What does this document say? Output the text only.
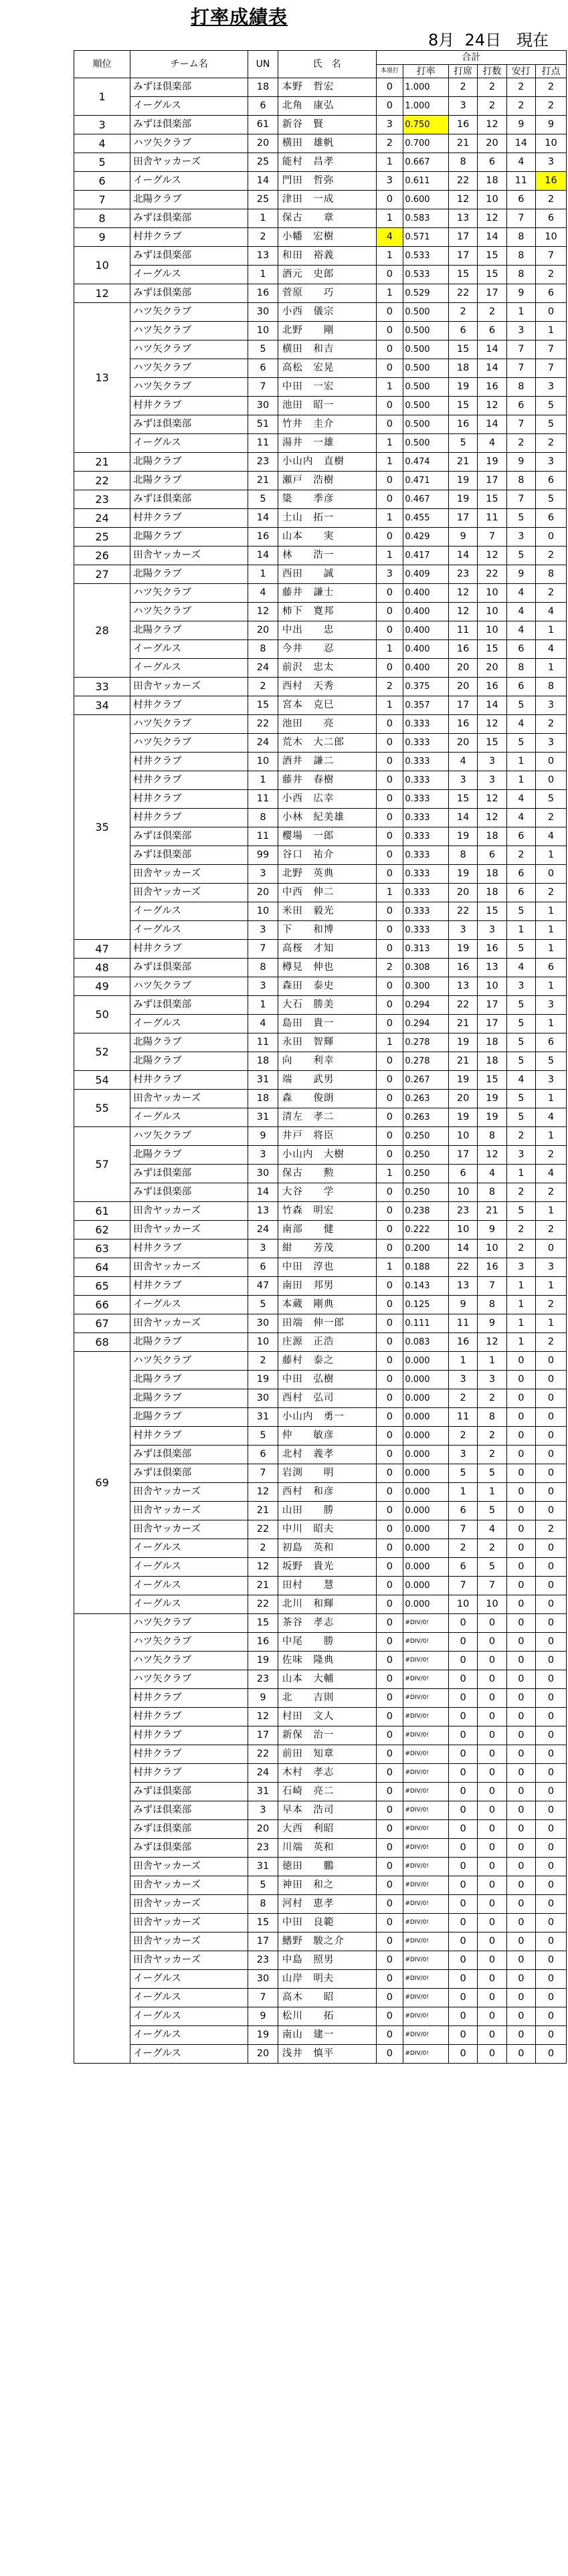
打率成績表
8月 24日 現在
順位	チーム名	UN	氏　名	合計					
				本塁打	打率	打席	打数	安打	打点
1	みずほ倶楽部	18	本野　哲宏	0	1.000	2	2	2	2
	イーグルス	6	北角　康弘	0	1.000	3	2	2	2
3	みずほ倶楽部	61	新谷　賢	3	0.750	16	12	9	9
4	ハツ矢クラブ	20	横田　雄帆	2	0.700	21	20	14	10
5	田舎ヤッカーズ	25	能村　昌孝	1	0.667	8	6	4	3
6	イーグルス	14	門田　哲弥	3	0.611	22	18	11	16
7	北陽クラブ	25	津田　一成	0	0.600	12	10	6	2
8	みずほ倶楽部	1	保古　　章	1	0.583	13	12	7	6
9	村井クラブ	2	小幡　宏樹	4	0.571	17	14	8	10
10	みずほ倶楽部	13	和田　裕義	1	0.533	17	15	8	7
	イーグルス	1	酒元　史郎	0	0.533	15	15	8	2
12	みずほ倶楽部	16	菅原　　巧	1	0.529	22	17	9	6
13	ハツ矢クラブ	30	小西　儀宗	0	0.500	2	2	1	0
	ハツ矢クラブ	10	北野　　剛	0	0.500	6	6	3	1
	ハツ矢クラブ	5	横田　和吉	0	0.500	15	14	7	7
	ハツ矢クラブ	6	高松　宏晃	0	0.500	18	14	7	7
	ハツ矢クラブ	7	中田　一宏	1	0.500	19	16	8	3
	村井クラブ	30	池田　昭一	0	0.500	15	12	6	5
	みずほ倶楽部	51	竹井　圭介	0	0.500	16	14	7	5
	イーグルス	11	湯井　一雄	1	0.500	5	4	2	2
21	北陽クラブ	23	小山内　直樹	1	0.474	21	19	9	3
22	北陽クラブ	21	瀬戸　浩樹	0	0.471	19	17	8	6
23	みずほ倶楽部	5	簗　　季彦	0	0.467	19	15	7	5
24	村井クラブ	14	土山　拓一	1	0.455	17	11	5	6
25	北陽クラブ	16	山本　　実	0	0.429	9	7	3	0
26	田舎ヤッカーズ	14	林　　浩一	1	0.417	14	12	5	2
27	北陽クラブ	1	西田　　誠	3	0.409	23	22	9	8
28	ハツ矢クラブ	4	藤井　謙士	0	0.400	12	10	4	2
	ハツ矢クラブ	12	柿下　寛邦	0	0.400	12	10	4	4
	北陽クラブ	20	中出　　忠	0	0.400	11	10	4	1
	イーグルス	8	今井　　忍	1	0.400	16	15	6	4
	イーグルス	24	前沢　忠太	0	0.400	20	20	8	1
33	田舎ヤッカーズ	2	西村　天秀	2	0.375	20	16	6	8
34	村井クラブ	15	宮本　克巳	1	0.357	17	14	5	3
35	ハツ矢クラブ	22	池田　　亮	0	0.333	16	12	4	2
	ハツ矢クラブ	24	荒木　大二郎	0	0.333	20	15	5	3
	村井クラブ	10	酒井　謙二	0	0.333	4	3	1	0
	村井クラブ	1	藤井　春樹	0	0.333	3	3	1	0
	村井クラブ	11	小西　広幸	0	0.333	15	12	4	5
	村井クラブ	8	小林　紀美雄	0	0.333	14	12	4	2
	みずほ倶楽部	11	櫻場　一郎	0	0.333	19	18	6	4
	みずほ倶楽部	99	谷口　祐介	0	0.333	8	6	2	1
	田舎ヤッカーズ	3	北野　英典	0	0.333	19	18	6	0
	田舎ヤッカーズ	20	中西　伸二	1	0.333	20	18	6	2
	イーグルス	10	米田　毅光	0	0.333	22	15	5	1
	イーグルス	3	下　　和博	0	0.333	3	3	1	1
47	村井クラブ	7	高桜　才知	0	0.313	19	16	5	1
48	みずほ倶楽部	8	樽見　伸也	2	0.308	16	13	4	6
49	ハツ矢クラブ	3	森田　泰史	0	0.300	13	10	3	1
50	みずほ倶楽部	1	大石　勝美	0	0.294	22	17	5	3
	イーグルス	4	島田　貴一	0	0.294	21	17	5	1
52	北陽クラブ	11	永田　智輝	1	0.278	19	18	5	6
	北陽クラブ	18	向　　利幸	0	0.278	21	18	5	5
54	村井クラブ	31	端　　武男	0	0.267	19	15	4	3
55	田舎ヤッカーズ	18	森　　俊朗	0	0.263	20	19	5	1
	イーグルス	31	清左　孝二	0	0.263	19	19	5	4
57	ハツ矢クラブ	9	井戸　将臣	0	0.250	10	8	2	1
	北陽クラブ	3	小山内　大樹	0	0.250	17	12	3	2
	みずほ倶楽部	30	保古　　勲	1	0.250	6	4	1	4
	みずほ倶楽部	14	大谷　　学	0	0.250	10	8	2	2
61	田舎ヤッカーズ	13	竹森　明宏	0	0.238	23	21	5	1
62	田舎ヤッカーズ	24	南部　　健	0	0.222	10	9	2	2
63	村井クラブ	3	紺　　芳茂	0	0.200	14	10	2	0
64	田舎ヤッカーズ	6	中田　淳也	1	0.188	22	16	3	3
65	村井クラブ	47	南田　邦男	0	0.143	13	7	1	1
66	イーグルス	5	本蔵　剛典	0	0.125	9	8	1	2
67	田舎ヤッカーズ	30	田端　伸一郎	0	0.111	11	9	1	1
68	北陽クラブ	10	庄源　正浩	0	0.083	16	12	1	2
69	ハツ矢クラブ	2	藤村　泰之	0	0.000	1	1	0	0
	北陽クラブ	19	中田　弘樹	0	0.000	3	3	0	0
	北陽クラブ	30	西村　弘司	0	0.000	2	2	0	0
	北陽クラブ	31	小山内　勇一	0	0.000	11	8	0	0
	村井クラブ	5	仲　　敏彦	0	0.000	2	2	0	0
	みずほ倶楽部	6	北村　義孝	0	0.000	3	2	0	0
	みずほ倶楽部	7	岩渕　　明	0	0.000	5	5	0	0
	田舎ヤッカーズ	12	西村　和彦	0	0.000	1	1	0	0
	田舎ヤッカーズ	21	山田　　勝	0	0.000	6	5	0	0
	田舎ヤッカーズ	22	中川　昭夫	0	0.000	7	4	0	2
	イーグルス	2	初島　英和	0	0.000	2	2	0	0
	イーグルス	12	坂野　貴光	0	0.000	6	5	0	0
	イーグルス	21	田村　　慧	0	0.000	7	7	0	0
	イーグルス	22	北川　和輝	0	0.000	10	10	0	0
	ハツ矢クラブ	15	茶谷　孝志	0	#DIV/0!	0	0	0	0
	ハツ矢クラブ	16	中尾　　勝	0	#DIV/0!	0	0	0	0
	ハツ矢クラブ	19	佐味　隆典	0	#DIV/0!	0	0	0	0
	ハツ矢クラブ	23	山本　大輔	0	#DIV/0!	0	0	0	0
	村井クラブ	9	北　　吉則	0	#DIV/0!	0	0	0	0
	村井クラブ	12	村田　文人	0	#DIV/0!	0	0	0	0
	村井クラブ	17	新保　治一	0	#DIV/0!	0	0	0	0
	村井クラブ	22	前田　知章	0	#DIV/0!	0	0	0	0
	村井クラブ	24	木村　孝志	0	#DIV/0!	0	0	0	0
	みずほ倶楽部	31	石崎　亮二	0	#DIV/0!	0	0	0	0
	みずほ倶楽部	3	早本　浩司	0	#DIV/0!	0	0	0	0
	みずほ倶楽部	20	大西　利昭	0	#DIV/0!	0	0	0	0
	みずほ倶楽部	23	川端　英和	0	#DIV/0!	0	0	0	0
	田舎ヤッカーズ	31	徳田　　鵬	0	#DIV/0!	0	0	0	0
	田舎ヤッカーズ	5	神田　和之	0	#DIV/0!	0	0	0	0
	田舎ヤッカーズ	8	河村　恵孝	0	#DIV/0!	0	0	0	0
	田舎ヤッカーズ	15	中田　良範	0	#DIV/0!	0	0	0	0
	田舎ヤッカーズ	17	鰭野　駿之介	0	#DIV/0!	0	0	0	0
	田舎ヤッカーズ	23	中島　照男	0	#DIV/0!	0	0	0	0
	イーグルス	30	山岸　明夫	0	#DIV/0!	0	0	0	0
	イーグルス	7	高木　　昭	0	#DIV/0!	0	0	0	0
	イーグルス	9	松川　　拓	0	#DIV/0!	0	0	0	0
	イーグルス	19	南山　建一	0	#DIV/0!	0	0	0	0
	イーグルス	20	浅井　慎平	0	#DIV/0!	0	0	0	0
